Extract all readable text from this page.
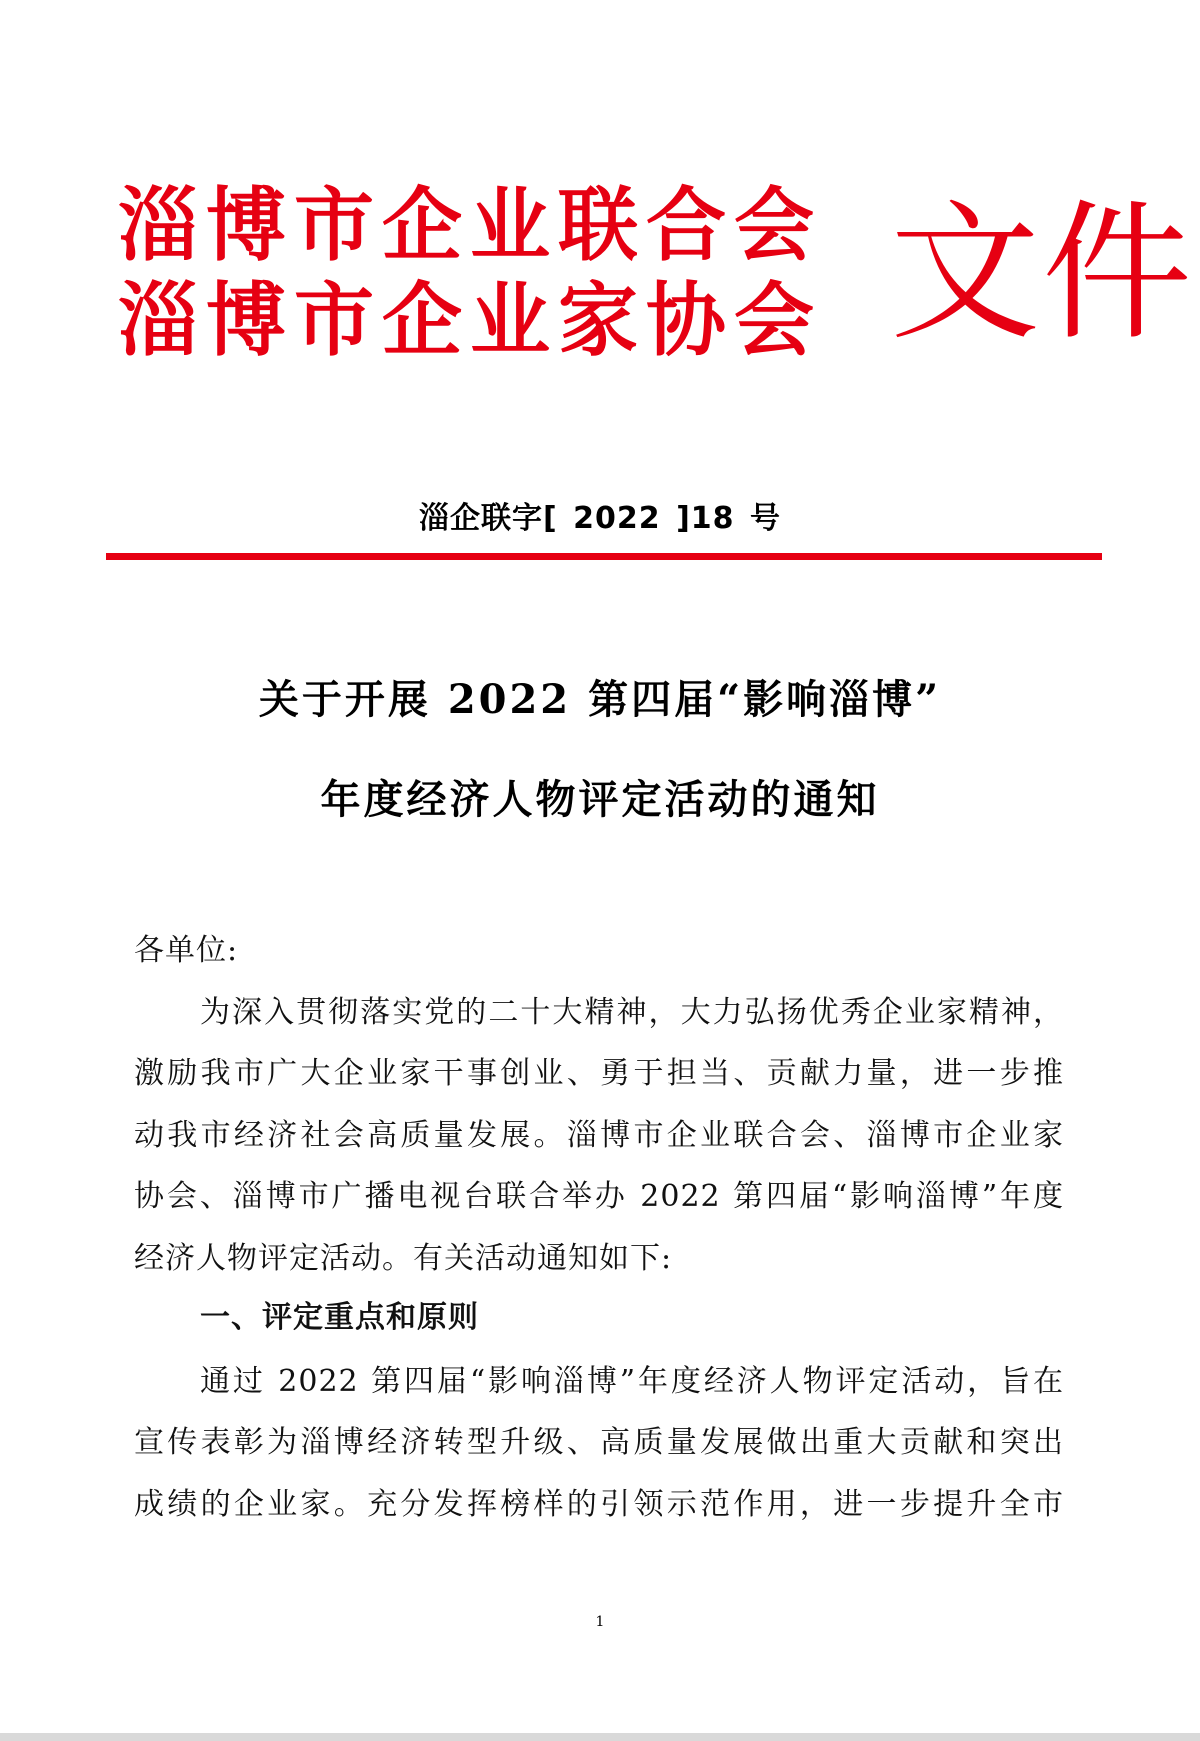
淄博市企业联合会
淄博市企业家协会 文件
淄企联字[ 2022 ]18 号
关于开展 2022 第四届“影响淄博”
年度经济人物评定活动的通知
各单位:
为深入贯彻落实党的二十大精神，大力弘扬优秀企业家精神，
激励我市广大企业家干事创业、勇于担当、贡献力量，进一步推
动我市经济社会高质量发展。淄博市企业联合会、淄博市企业家
协会、淄博市广播电视台联合举办 2022 第四届“影响淄博”年度
经济人物评定活动。有关活动通知如下:
一、评定重点和原则
通过 2022 第四届“影响淄博”年度经济人物评定活动，旨在
宣传表彰为淄博经济转型升级、高质量发展做出重大贡献和突出
成绩的企业家。充分发挥榜样的引领示范作用，进一步提升全市
1
